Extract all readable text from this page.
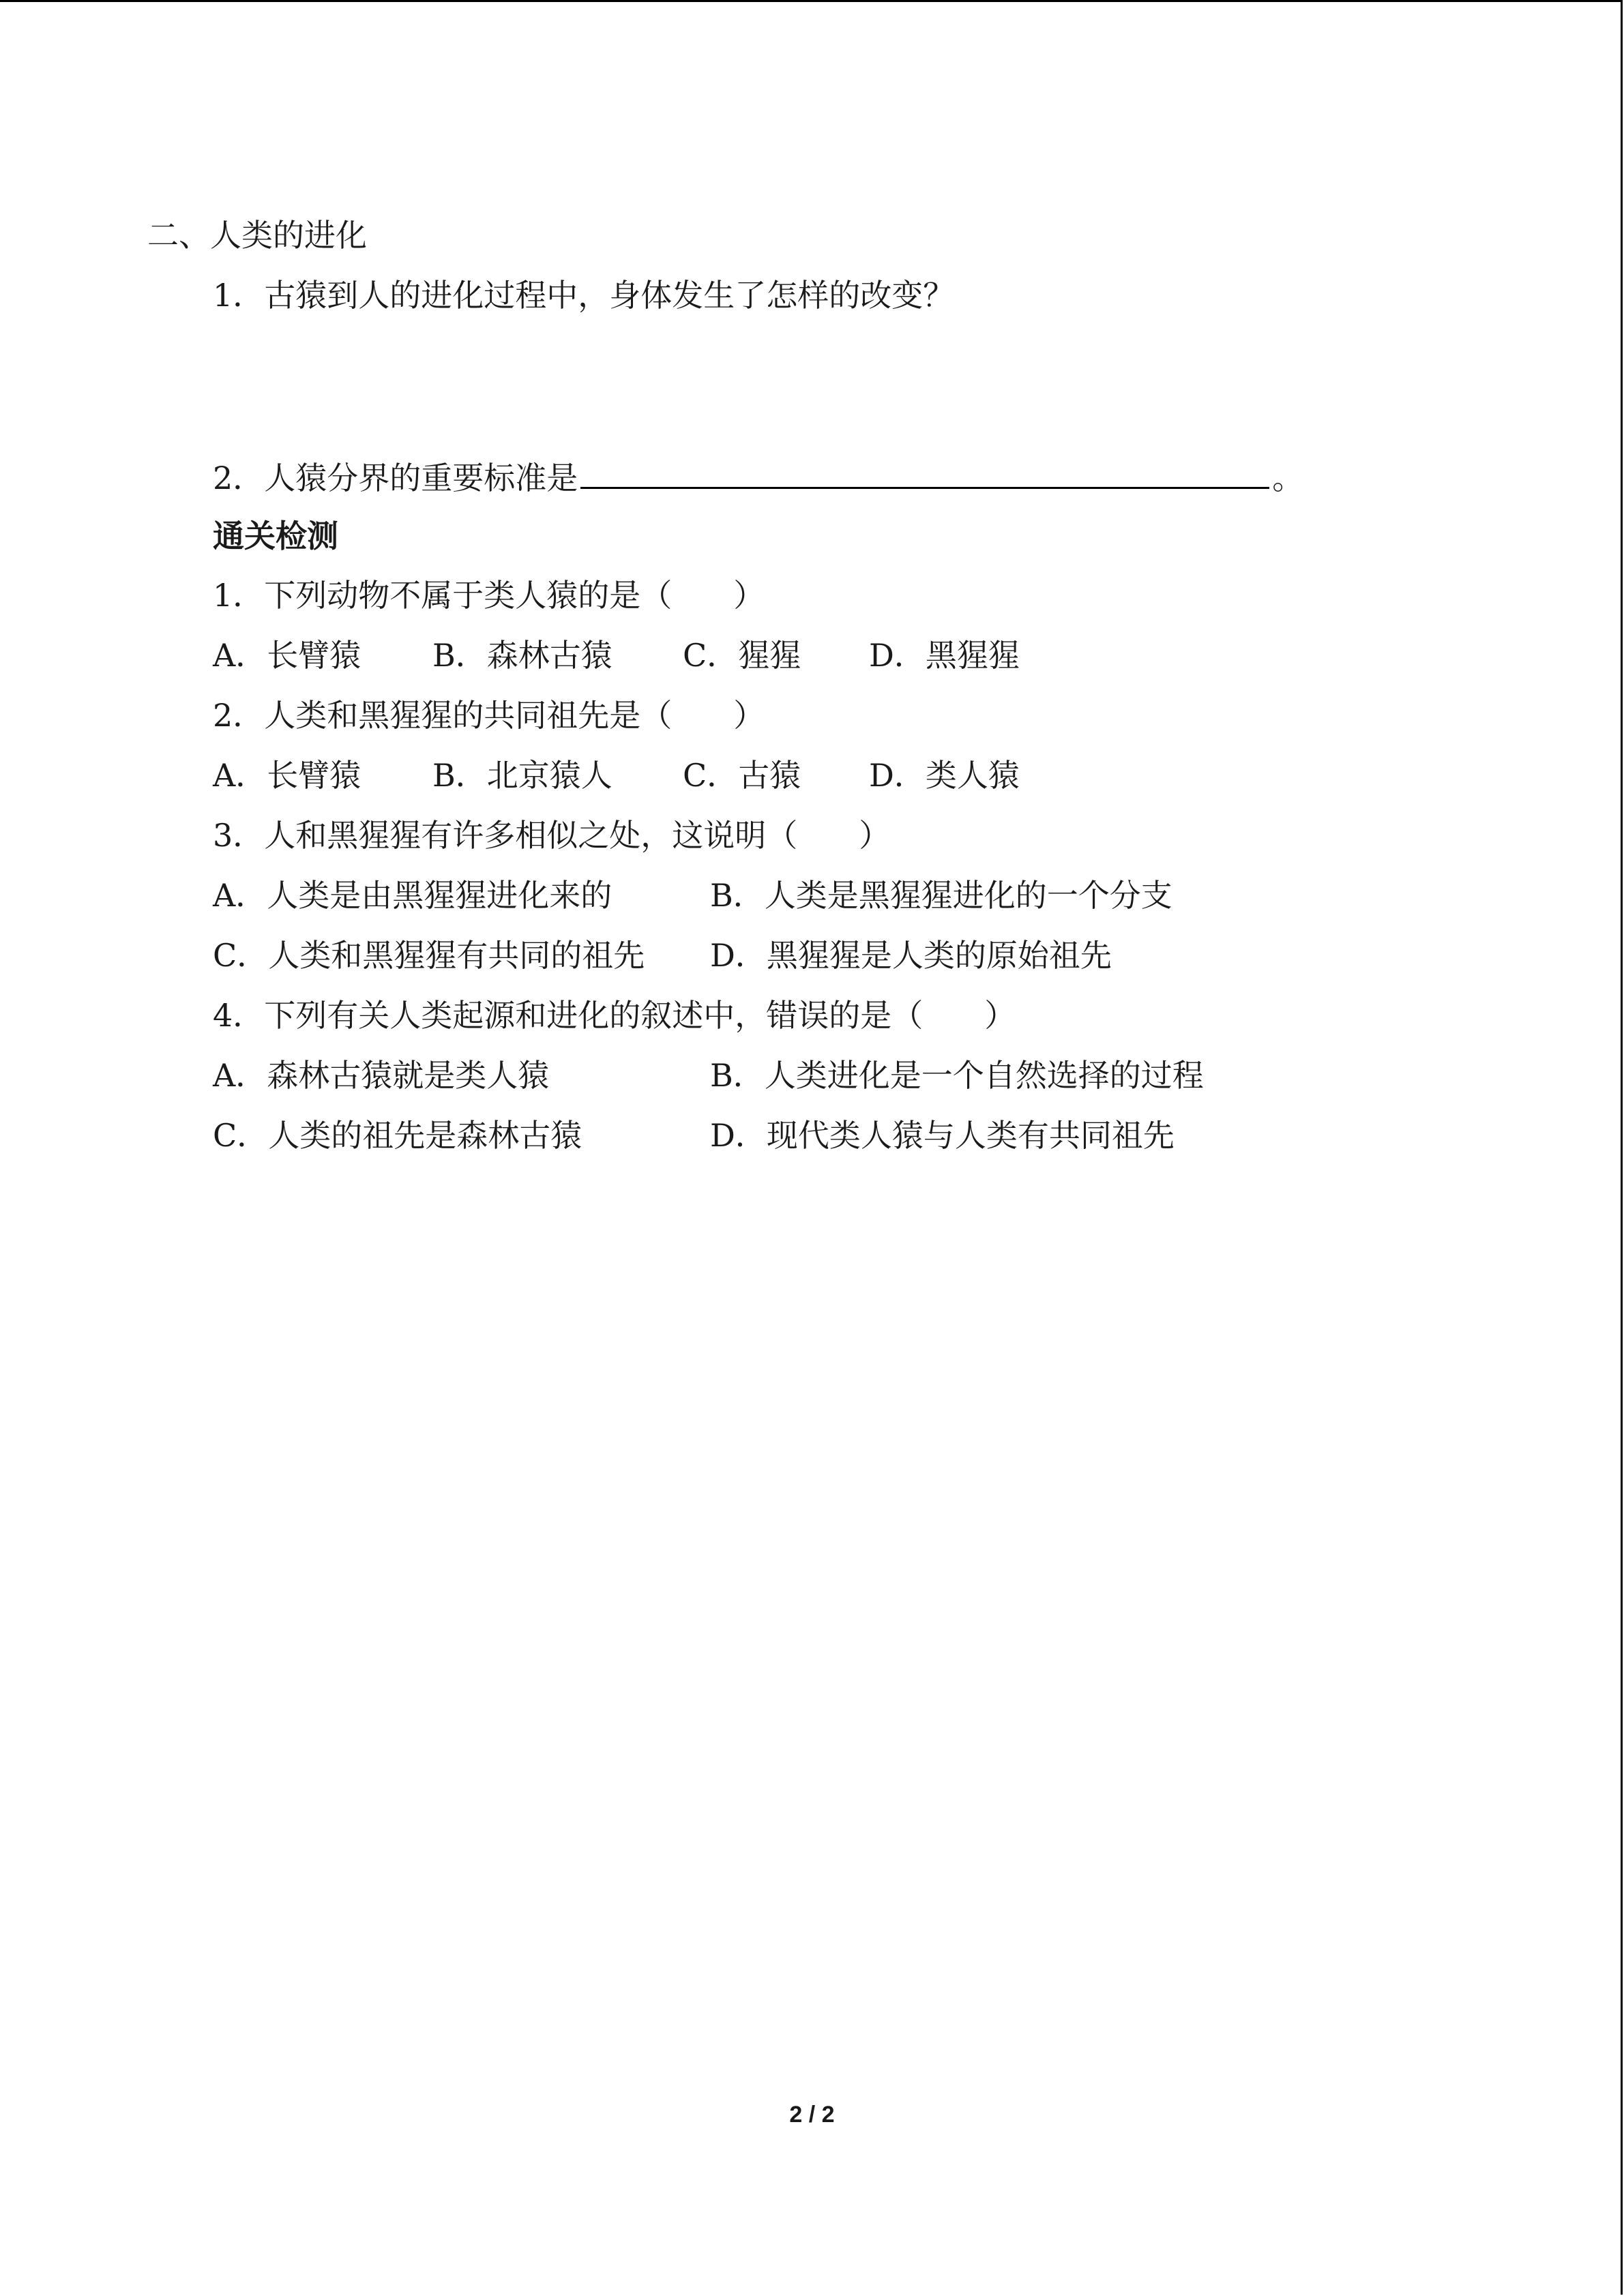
二、人类的进化
1．古猿到人的进化过程中，身体发生了怎样的改变？
2．人猿分界的重要标准是	。
通关检测
1．下列动物不属于类人猿的是（ ）
A．长臂猿 B．森林古猿 C．猩猩 D．黑猩猩
2．人类和黑猩猩的共同祖先是（ ）
A．长臂猿 B．北京猿人 C．古猿 D．类人猿
3．人和黑猩猩有许多相似之处，这说明（ ）
A．人类是由黑猩猩进化来的	B．人类是黑猩猩进化的一个分支
C．人类和黑猩猩有共同的祖先 D．黑猩猩是人类的原始祖先
4．下列有关人类起源和进化的叙述中，错误的是（ ）
A．森林古猿就是类人猿	B．人类进化是一个自然选择的过程
C．人类的祖先是森林古猿	D．现代类人猿与人类有共同祖先
2 / 2
